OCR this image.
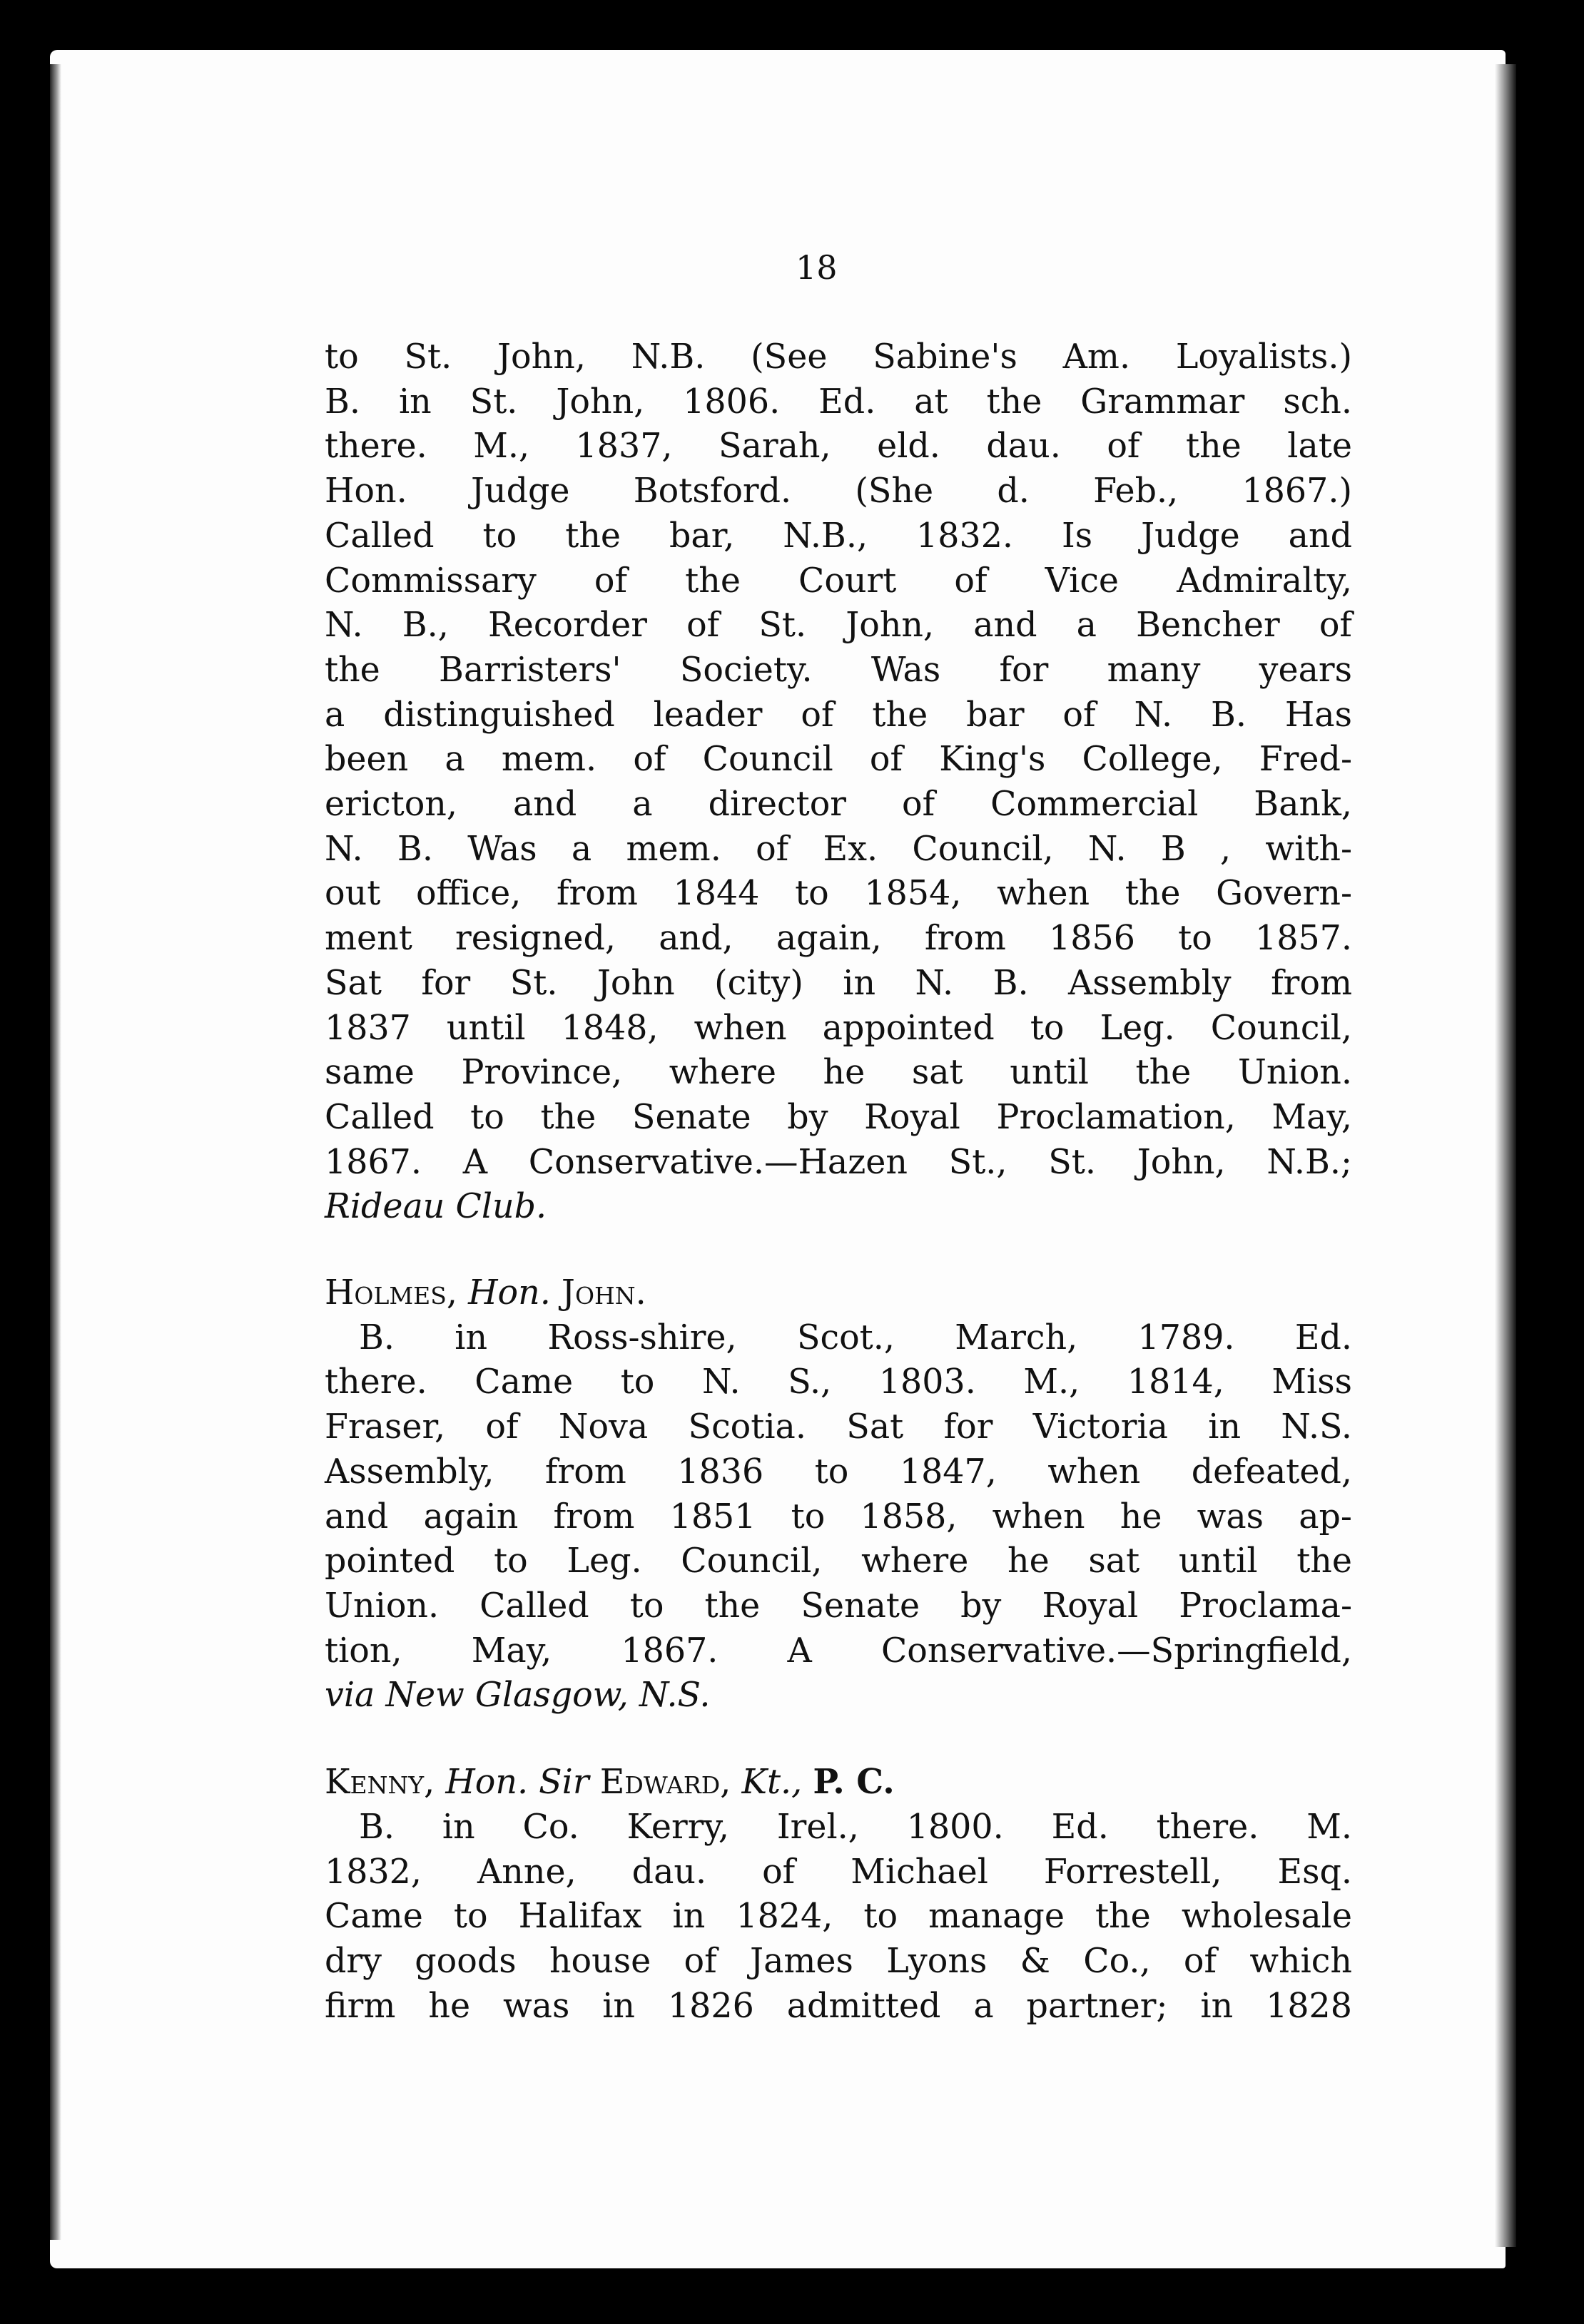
18
to St. John, N.B. (See Sabine's Am. Loyalists.)
B. in St. John, 1806. Ed. at the Grammar sch.
there. M., 1837, Sarah, eld. dau. of the late
Hon. Judge Botsford. (She d. Feb., 1867.)
Called to the bar, N.B., 1832. Is Judge and
Commissary of the Court of Vice Admiralty,
N. B., Recorder of St. John, and a Bencher of
the Barristers' Society. Was for many years
a distinguished leader of the bar of N. B. Has
been a mem. of Council of King's College, Fred-
ericton, and a director of Commercial Bank,
N. B. Was a mem. of Ex. Council, N. B , with-
out office, from 1844 to 1854, when the Govern-
ment resigned, and, again, from 1856 to 1857.
Sat for St. John (city) in N. B. Assembly from
1837 until 1848, when appointed to Leg. Council,
same Province, where he sat until the Union.
Called to the Senate by Royal Proclamation, May,
1867. A Conservative.—Hazen St., St. John, N.B.;
Rideau Club.
Holmes, Hon. John.
B. in Ross-shire, Scot., March, 1789. Ed.
there. Came to N. S., 1803. M., 1814, Miss
Fraser, of Nova Scotia. Sat for Victoria in N.S.
Assembly, from 1836 to 1847, when defeated,
and again from 1851 to 1858, when he was ap-
pointed to Leg. Council, where he sat until the
Union. Called to the Senate by Royal Proclama-
tion, May, 1867. A Conservative.—Springfield,
via New Glasgow, N.S.
Kenny, Hon. Sir Edward, Kt., P. C.
B. in Co. Kerry, Irel., 1800. Ed. there. M.
1832, Anne, dau. of Michael Forrestell, Esq.
Came to Halifax in 1824, to manage the wholesale
dry goods house of James Lyons & Co., of which
firm he was in 1826 admitted a partner; in 1828
